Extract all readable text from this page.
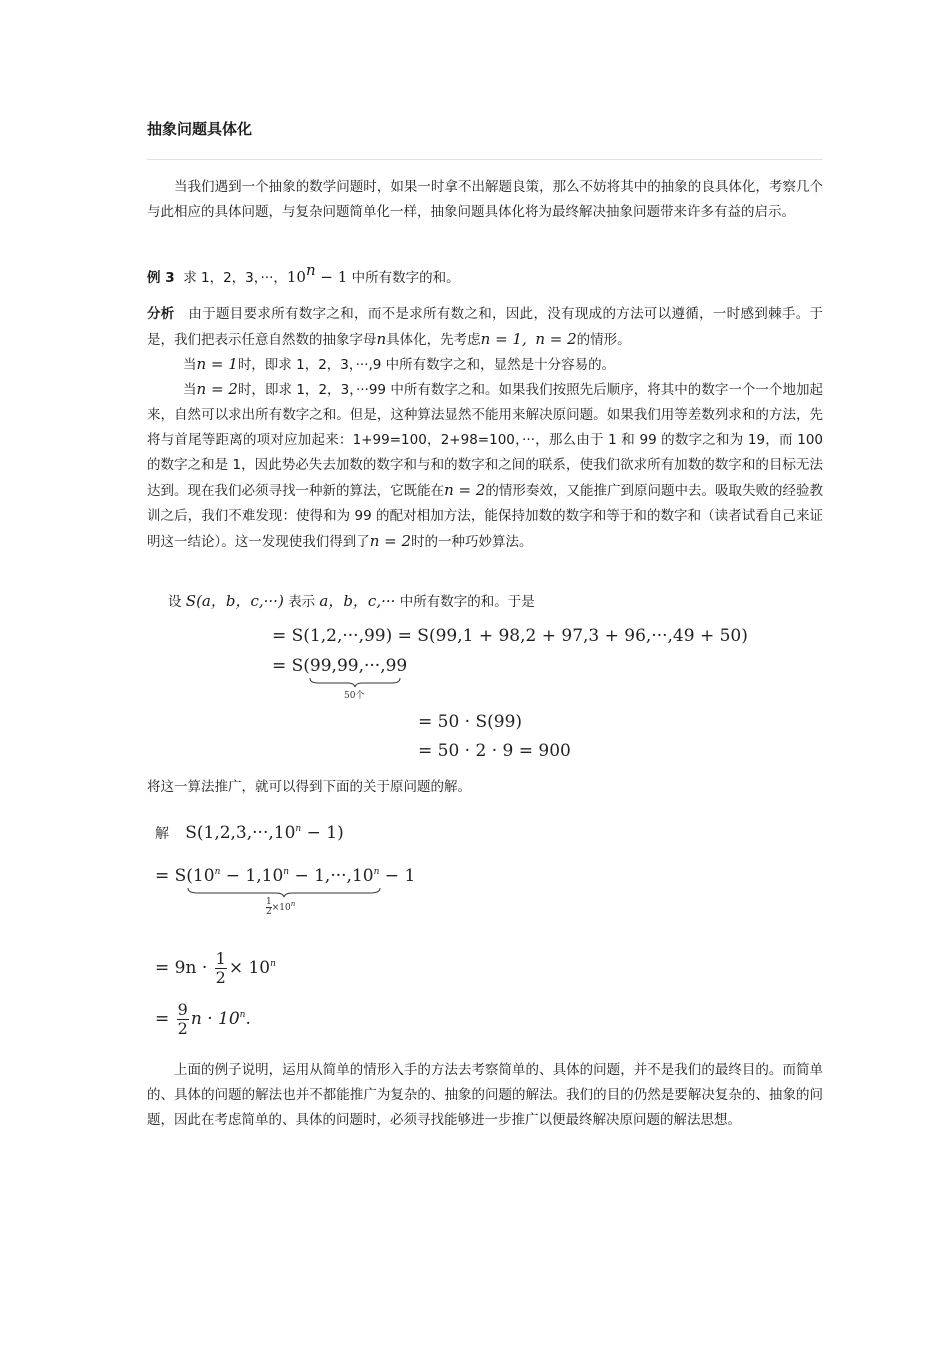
抽象问题具体化
当我们遇到一个抽象的数学问题时，如果一时拿不出解题良策，那么不妨将其中的抽象的良具体化，考察几个与此相应的具体问题，与复杂问题简单化一样，抽象问题具体化将为最终解决抽象问题带来许多有益的启示。
例 3 求 1，2，3，···，$10^n - 1$ 中所有数字的和。
分析 由于题目要求所有数字之和，而不是求所有数之和，因此，没有现成的方法可以遵循，一时感到棘手。于是，我们把表示任意自然数的抽象字母n具体化，先考虑n = 1, n = 2的情形。
当n = 1时，即求 1，2，3，···,9 中所有数字之和，显然是十分容易的。
当n = 2时，即求 1，2，3，···99 中所有数字之和。如果我们按照先后顺序，将其中的数字一个一个地加起来，自然可以求出所有数字之和。但是，这种算法显然不能用来解决原问题。如果我们用等差数列求和的方法，先将与首尾等距离的项对应加起来：1+99=100，2+98=100，···，那么由于 1 和 99 的数字之和为 19，而 100 的数字之和是 1，因此势必失去加数的数字和与和的数字和之间的联系，使我们欲求所有加数的数字和的目标无法达到。现在我们必须寻找一种新的算法，它既能在n = 2的情形奏效，又能推广到原问题中去。吸取失败的经验教训之后，我们不难发现：使得和为 99 的配对相加方法，能保持加数的数字和等于和的数字和（读者试看自己来证明这一结论）。这一发现使我们得到了n = 2时的一种巧妙算法。
设 S(a，b，c,···) 表示 a，b，c,··· 中所有数字的和。于是
= S(1,2,···,99) = S(99,1 + 98,2 + 97,3 + 96,···,49 + 50)
= S(99,99,···,99
50个
= 50 · S(99)
= 50 · 2 · 9 = 900
将这一算法推广，就可以得到下面的关于原问题的解。
解 $S(1,2,3,\cdot\cdot\cdot,10^n - 1)$
= $S(10^n - 1,10^n - 1,\cdot\cdot\cdot,10^n - 1$
$\frac{1}{2} \times 10^n$
= $9n \cdot \frac{1}{2} \times 10^n$
= $\frac{9}{2}$ $n \cdot 10^n$.
上面的例子说明，运用从简单的情形入手的方法去考察简单的、具体的问题，并不是我们的最终目的。而简单的、具体的问题的解法也并不都能推广为复杂的、抽象的问题的解法。我们的目的仍然是要解决复杂的、抽象的问题，因此在考虑简单的、具体的问题时，必须寻找能够进一步推广以便最终解决原问题的解法思想。
